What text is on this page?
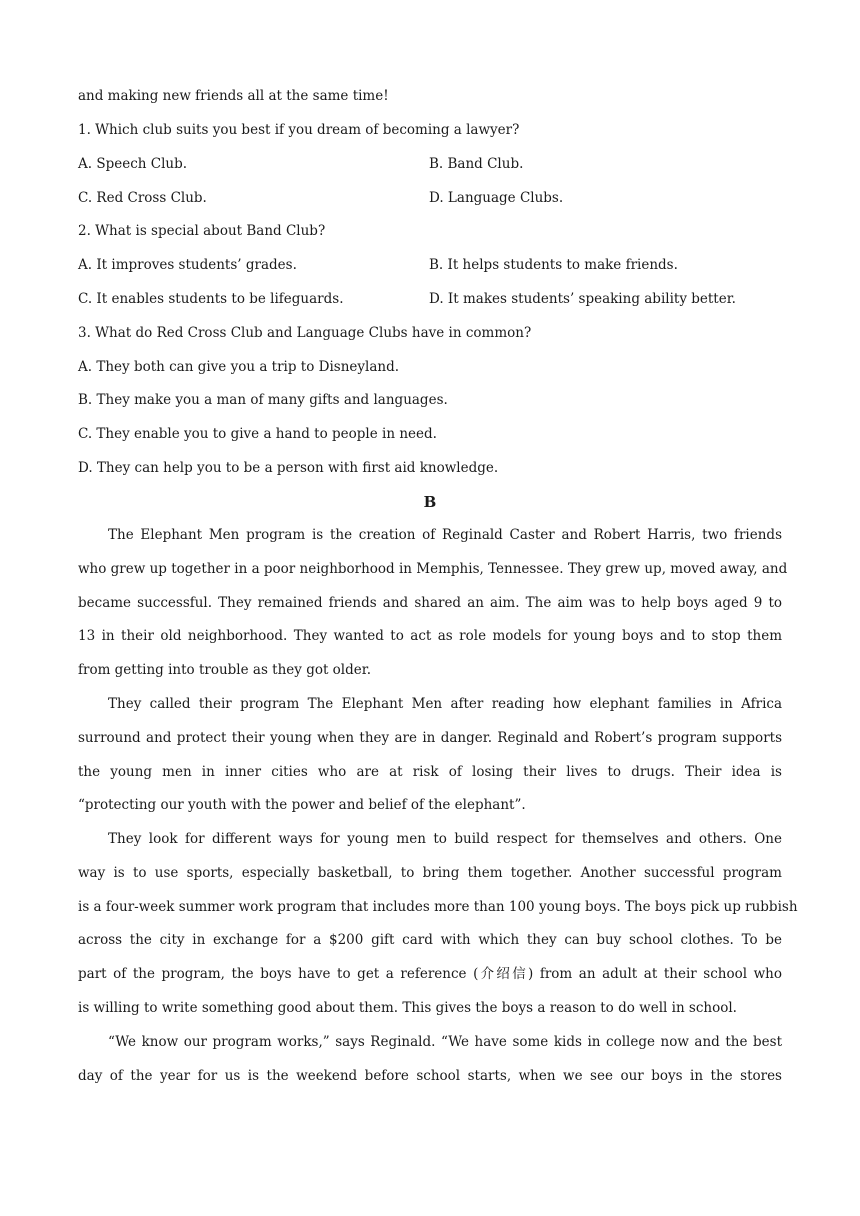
and making new friends all at the same time!
1. Which club suits you best if you dream of becoming a lawyer?
A. Speech Club.	B. Band Club.
C. Red Cross Club.	D. Language Clubs.
2. What is special about Band Club?
A. It improves students’ grades.	B. It helps students to make friends.
C. It enables students to be lifeguards.	D. It makes students’ speaking ability better.
3. What do Red Cross Club and Language Clubs have in common?
A. They both can give you a trip to Disneyland.
B. They make you a man of many gifts and languages.
C. They enable you to give a hand to people in need.
D. They can help you to be a person with first aid knowledge.
B
The Elephant Men program is the creation of Reginald Caster and Robert Harris, two friends
who grew up together in a poor neighborhood in Memphis, Tennessee. They grew up, moved away, and
became successful. They remained friends and shared an aim. The aim was to help boys aged 9 to
13 in their old neighborhood. They wanted to act as role models for young boys and to stop them
from getting into trouble as they got older.
They called their program The Elephant Men after reading how elephant families in Africa
surround and protect their young when they are in danger. Reginald and Robert’s program supports
the young men in inner cities who are at risk of losing their lives to drugs. Their idea is
“protecting our youth with the power and belief of the elephant”.
They look for different ways for young men to build respect for themselves and others. One
way is to use sports, especially basketball, to bring them together. Another successful program
is a four-week summer work program that includes more than 100 young boys. The boys pick up rubbish
across the city in exchange for a $200 gift card with which they can buy school clothes. To be
part of the program, the boys have to get a reference (介绍信) from an adult at their school who
is willing to write something good about them. This gives the boys a reason to do well in school.
“We know our program works,” says Reginald. “We have some kids in college now and the best
day of the year for us is the weekend before school starts, when we see our boys in the stores
